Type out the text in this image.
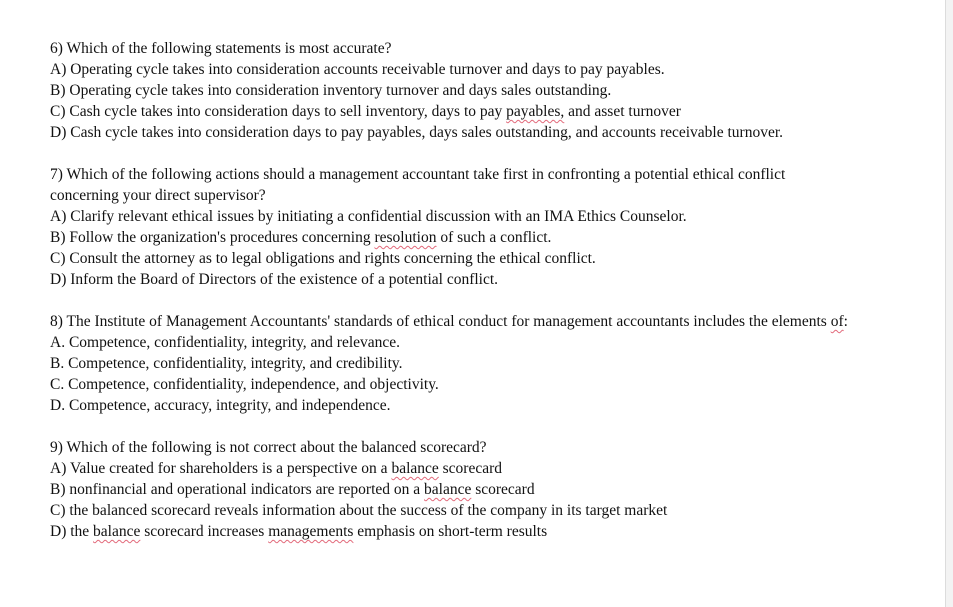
6) Which of the following statements is most accurate?
A) Operating cycle takes into consideration accounts receivable turnover and days to pay payables.
B) Operating cycle takes into consideration inventory turnover and days sales outstanding.
C) Cash cycle takes into consideration days to sell inventory, days to pay payables, and asset turnover
D) Cash cycle takes into consideration days to pay payables, days sales outstanding, and accounts receivable turnover.
7) Which of the following actions should a management accountant take first in confronting a potential ethical conflict concerning your direct supervisor?
A) Clarify relevant ethical issues by initiating a confidential discussion with an IMA Ethics Counselor.
B) Follow the organization's procedures concerning resolution of such a conflict.
C) Consult the attorney as to legal obligations and rights concerning the ethical conflict.
D) Inform the Board of Directors of the existence of a potential conflict.
8) The Institute of Management Accountants' standards of ethical conduct for management accountants includes the elements of:
A. Competence, confidentiality, integrity, and relevance.
B. Competence, confidentiality, integrity, and credibility.
C. Competence, confidentiality, independence, and objectivity.
D. Competence, accuracy, integrity, and independence.
9) Which of the following is not correct about the balanced scorecard?
A) Value created for shareholders is a perspective on a balance scorecard
B) nonfinancial and operational indicators are reported on a balance scorecard
C) the balanced scorecard reveals information about the success of the company in its target market
D) the balance scorecard increases managements emphasis on short-term results
